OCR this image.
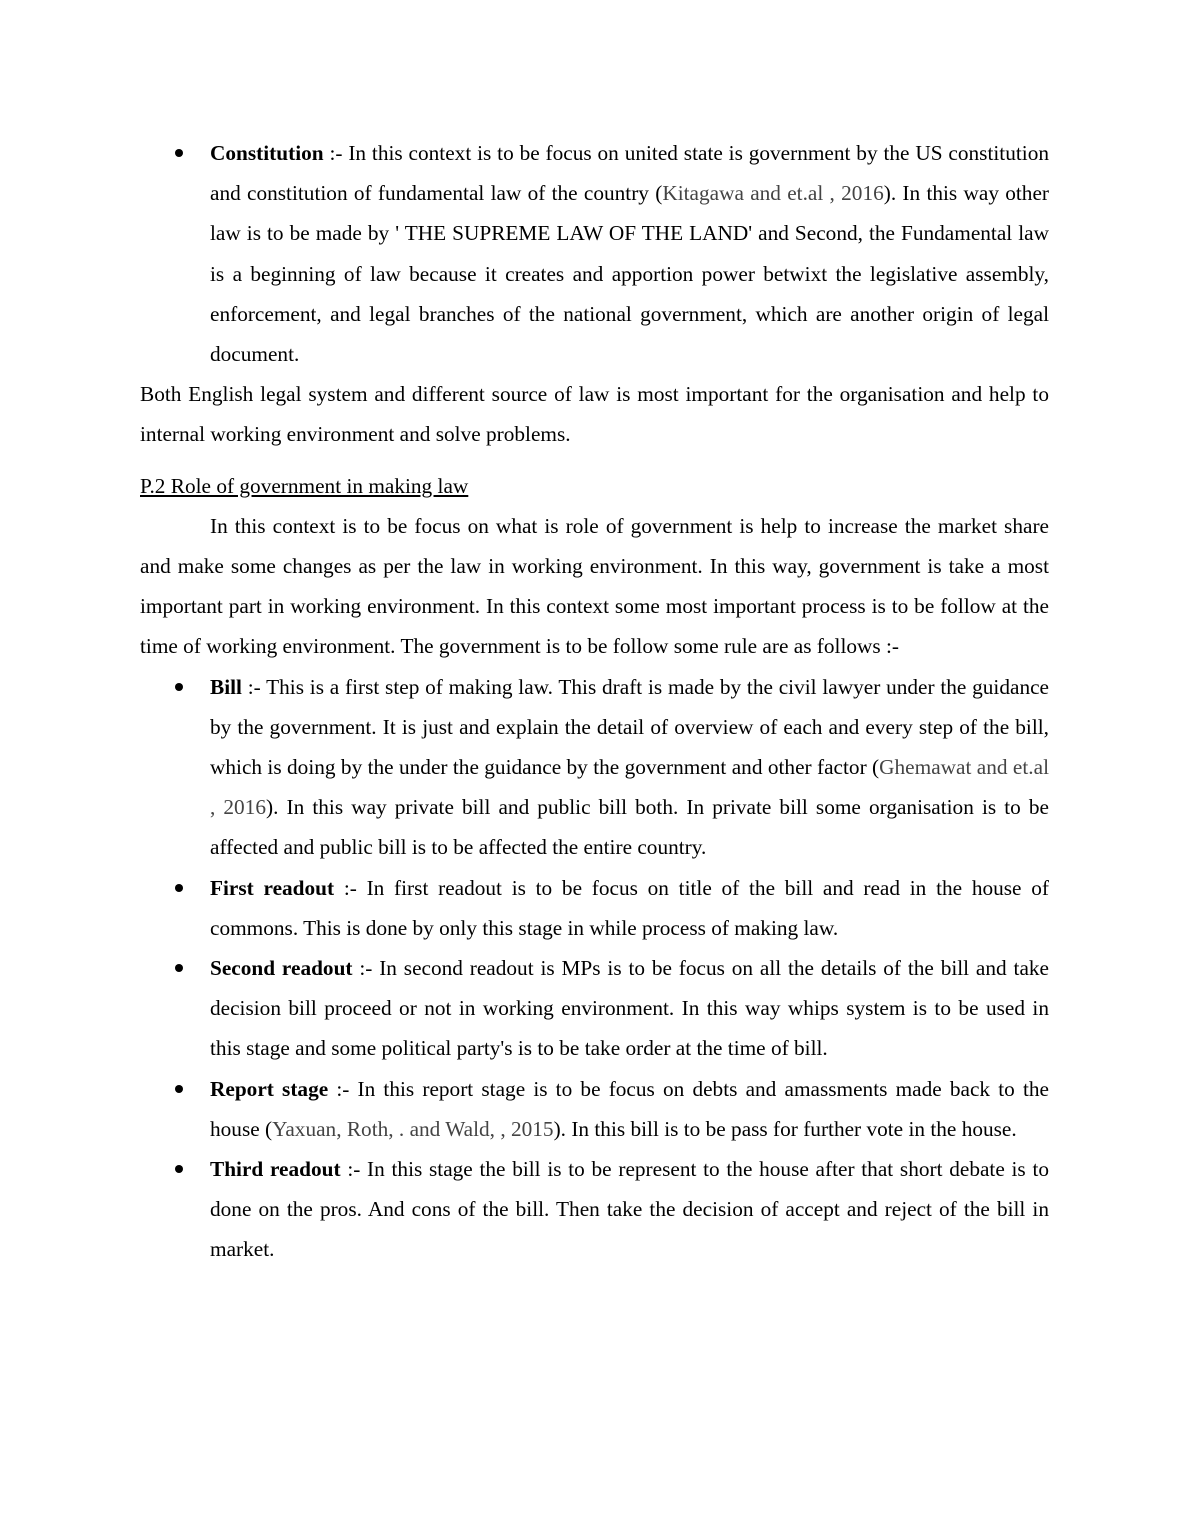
Constitution :- In this context is to be focus on united state is government by the US constitution and constitution of fundamental law of the country (Kitagawa and et.al , 2016). In this way other law is to be made by ' THE SUPREME LAW OF THE LAND' and Second, the Fundamental law is a beginning of law because it creates and apportion power betwixt the legislative assembly, enforcement, and legal branches of the national government, which are another origin of legal document.

Both English legal system and different source of law is most important for the organisation and help to internal working environment and solve problems.

P.2 Role of government in making law

In this context is to be focus on what is role of government is help to increase the market share and make some changes as per the law in working environment. In this way, government is take a most important part in working environment. In this context some most important process is to be follow at the time of working environment. The government is to be follow some rule are as follows :-

Bill :- This is a first step of making law. This draft is made by the civil lawyer under the guidance by the government. It is just and explain the detail of overview of each and every step of the bill, which is doing by the under the guidance by the government and other factor (Ghemawat and et.al , 2016). In this way private bill and public bill both. In private bill some organisation is to be affected and public bill is to be affected the entire country.
First readout :- In first readout is to be focus on title of the bill and read in the house of commons. This is done by only this stage in while process of making law.
Second readout :- In second readout is MPs is to be focus on all the details of the bill and take decision bill proceed or not in working environment. In this way whips system is to be used in this stage and some political party's is to be take order at the time of bill.
Report stage :- In this report stage is to be focus on debts and amassments made back to the house (Yaxuan, Roth, . and Wald, , 2015). In this bill is to be pass for further vote in the house.
Third readout :- In this stage the bill is to be represent to the house after that short debate is to done on the pros. And cons of the bill. Then take the decision of accept and reject of the bill in market.
